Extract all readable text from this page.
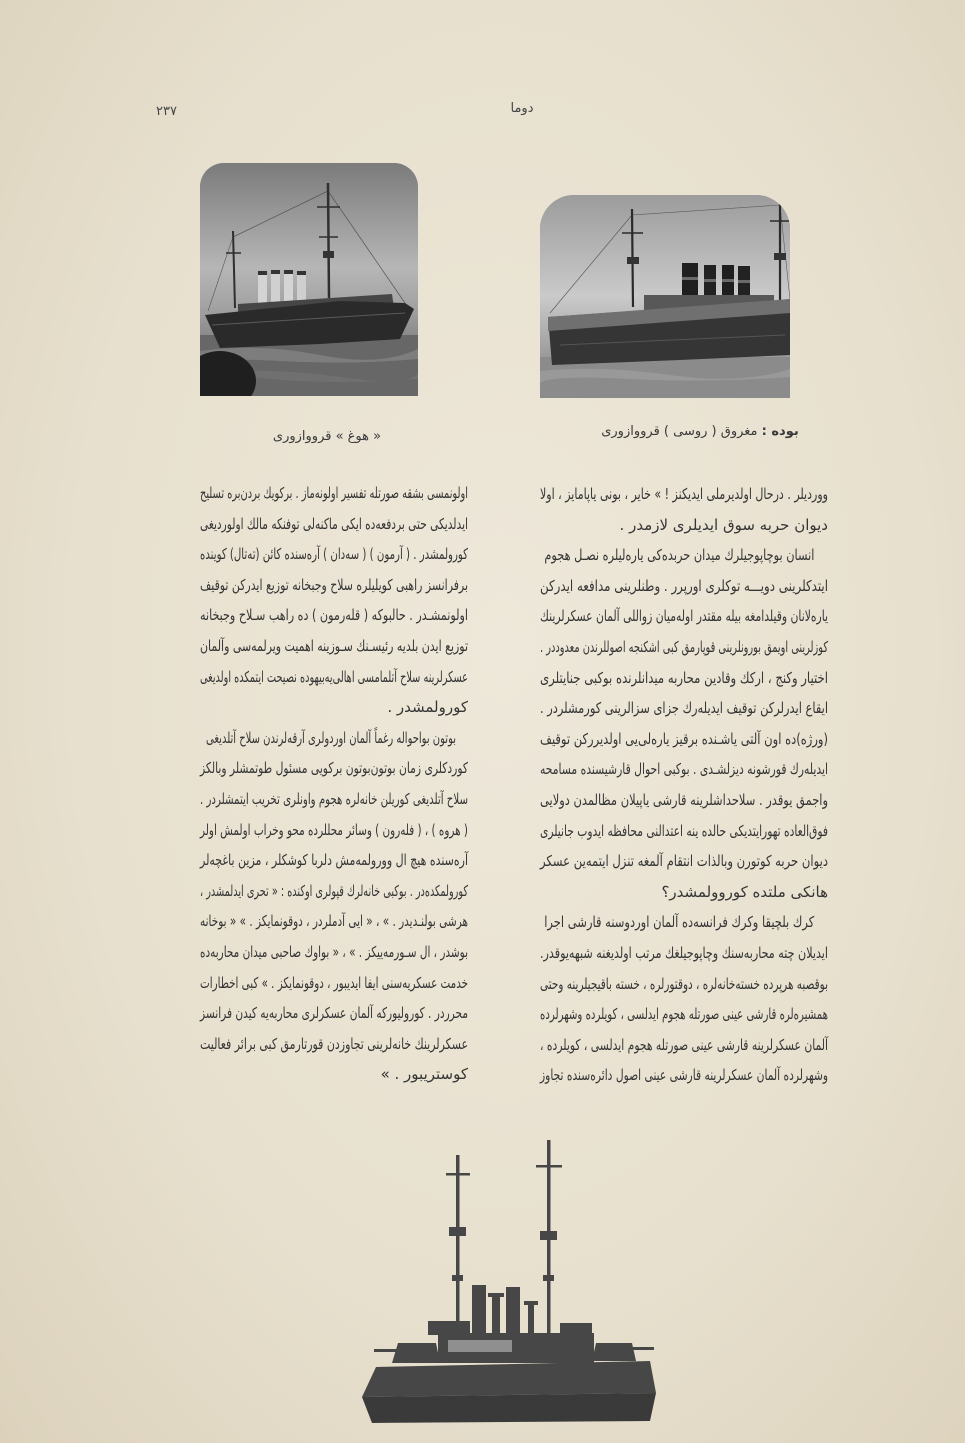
٢٣٧	دوما
« هوغ » قرووازوری	بوده : مغروق ( روسی ) قرووازوری
ووردیلر . درحال اولدیرملی ایدیکنز ! » خایر ، بونی یاپامایز ، اولا
دیوان حربه سوق ایدیلری لازمدر .
انسان بوچاپوجیلرك میدان حربده‌کی یاره‌لیلره نصـل هجوم
ایتدکلرینی دویـــه توکلری اورپرر . وطنلرینی مدافعه ایدرکن
یاره‌لانان وقیلدامغه بیله مقتدر اوله‌میان زواللی آلمان عسکرلرینك
کوزلرینی اویمق بورونلرینی قوپارمق کبی اشکنجه اصوللرندن معدوددر .
اختیار وکنج ، ارکك وقادین محاربه میدانلرنده بوکبی جنایتلری
ایقاع ایدرلرکن توقیف ایدیله‌رك جزای سزالرینی کورمشلردر .
(ورژه)ده اون آلتی یاشـنده برقیز یاره‌لی‌یی اولدیررکن توقیف
ایدیله‌رك قورشونه دیزلشـدی . بوکبی احوال قارشیسنده مسامحه
واجمق یوقدر . سلاحداشلرینه قارشی یاپیلان مظالمدن دولایی
فوق‌العاده تهورایتدیکی حالده ینه اعتدالنی محافظه ایدوب جانیلری
دیوان حربه کوتورن وبالذات انتقام آلمغه تنزل ایتمه‌ین عسکر
هانکی ملتده کوروولمشدر؟
کرك بلچیقا وکرك فرانسه‌ده آلمان اوردوسنه قارشی اجرا
ایدیلان چته محاربه‌سنك وچاپوجیلغك مرتب اولدیغنه شبهه‌یوقدر.
بوقصبه هرپرده خسته‌خانه‌لره ، دوقتورلره ، خسته باقیجیلرینه وحتی
همشیره‌لره قارشی عینی صورتله هجوم ایدلسی ، کویلرده وشهرلرده
آلمان عسکرلرینه قارشی عینی صورتله هجوم ایدلسی ، کویلرده ،
وشهرلرده آلمان عسکرلرینه قارشی عینی اصول دائره‌سنده تجاوز
اولونمسی بشقه صورتله تفسیر اولونه‌ماز . برکویك بردن‌بره تسلیح
ایدلدیکی حتی بردفعه‌ده ایکی ماکنه‌لی توفنکه مالك اولوردیغی
کورولمشدر . ( آرمون ) ( سه‌دان ) آره‌سنده کائن (ته‌تال) کوینده
برفرانسز راهبی کویلیلره سلاح وجبخانه توزیع ایدرکن توقیف
اولونمشـدر . حالبوکه ( قله‌رمون ) ده راهب سـلاح وجبخانه
توزیع ایدن بلدیه رئیسـنك سـوزینه اهمیت ویرلمه‌سی وآلمان
عسکرلرینه سلاح آتلمامسی اهالی‌یه‌بیهوده نصیحت ایتمکده اولدیغی
کورولمشدر .
بوتون بواحواله رغماً آلمان اوردولری آرقه‌لرندن سلاح آتلدیغی
کوردکلری زمان بوتون‌بوتون برکویی مسئول طوتمشلر وبالکز
سلاح آتلدیغی کوریلن خانه‌لره هجوم واونلری تخریب ایتمشلردر .
( هروه ) ، ( فله‌رون ) وسائر محللرده محو وخراب اولمش اولر
آره‌سنده هیچ ال وورولمه‌مش دلربا کوشکلر ، مزین باغچه‌لر
کورولمکده‌در . بوکبی خانه‌لرك قپولری اوکنده : « تحری ایدلمشدر ،
هرشی بولنـدیدر . » ، « ایی آدملردر ، دوقونمایکز . » « بوخانه
بوشدر ، ال سـورمه‌ییکز . » ، « بواوك صاحبی میدان محاربه‌ده
خدمت عسکریه‌سنی ایفا ایدیبور ، دوقونمایکز . » کبی اخطارات
محرردر . کورولیورکه آلمان عسکرلری محاربه‌یه کیدن فرانسز
عسکرلرینك خانه‌لرینی تجاوزدن قورتارمق کبی برائر فعالیت
کوستریبور . »
